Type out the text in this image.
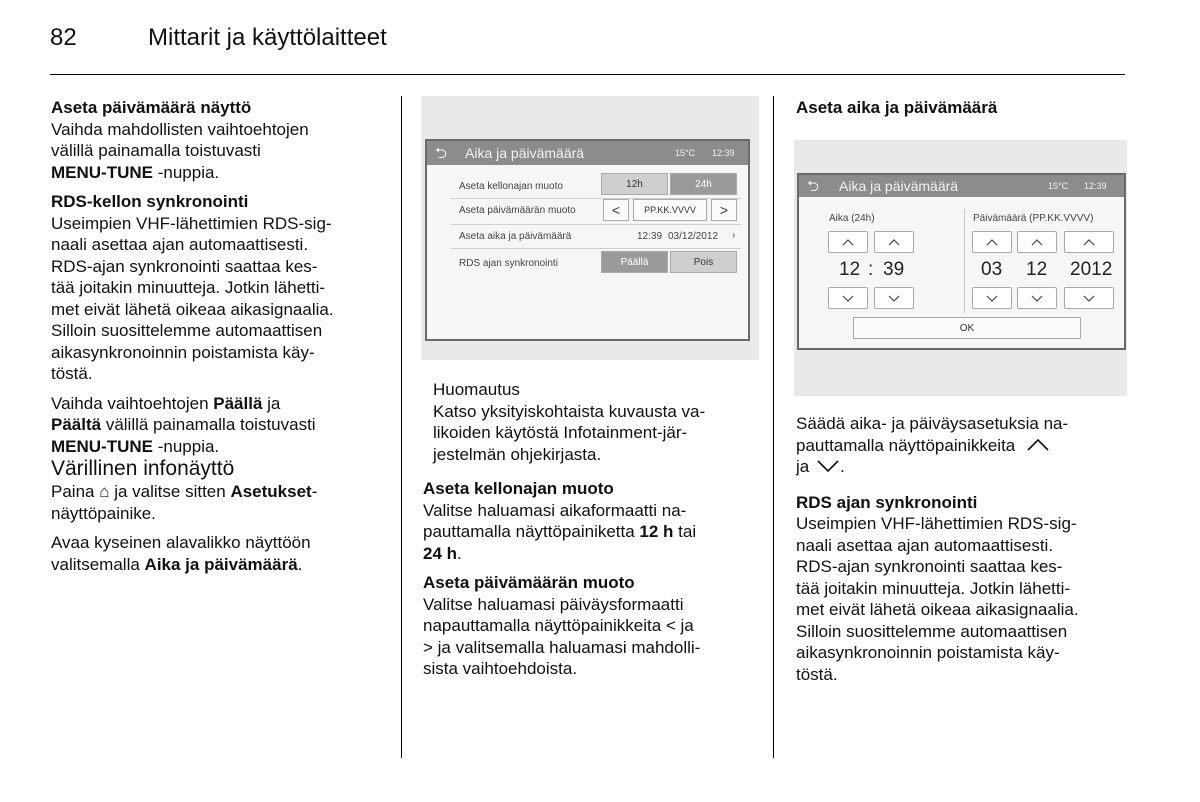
82	Mittarit ja käyttölaitteet

Aseta päivämäärä näyttö

Vaihda mahdollisten vaihtoehtojen

välillä painamalla toistuvasti

MENU-TUNE -nuppia.

RDS-kellon synkronointi

Useimpien VHF-lähettimien RDS-sig-

naali asettaa ajan automaattisesti.

RDS-ajan synkronointi saattaa kes-

tää joitakin minuutteja. Jotkin lähetti-

met eivät lähetä oikeaa aikasignaalia.

Silloin suosittelemme automaattisen

aikasynkronoinnin poistamista käy-

töstä.

Vaihda vaihtoehtojen Päällä ja

Päältä välillä painamalla toistuvasti

MENU-TUNE -nuppia.

Värillinen infonäyttö

Paina ⌂ ja valitse sitten Asetukset-

näyttöpainike.

Avaa kyseinen alavalikko näyttöön

valitsemalla Aika ja päivämäärä.

⮌ Aika ja päivämäärä	15°C 12:39
Aseta kellonajan muoto	12h	24h
Aseta päivämäärän muoto	<	PP.KK.VVVV	>
Aseta aika ja päivämäärä	12:39 03/12/2012 ›
RDS ajan synkronointi	Päällä	Pois

Huomautus

Katso yksityiskohtaista kuvausta va-

likoiden käytöstä Infotainment-jär-

jestelmän ohjekirjasta.

Aseta kellonajan muoto

Valitse haluamasi aikaformaatti na-

pauttamalla näyttöpainiketta 12 h tai

24 h.

Aseta päivämäärän muoto

Valitse haluamasi päiväysformaatti

napauttamalla näyttöpainikkeita < ja

> ja valitsemalla haluamasi mahdolli-

sista vaihtoehdoista.

Aseta aika ja päivämäärä

⮌ Aika ja päivämäärä	15°C 12:39
Aika (24h)	Päivämäärä (PP.KK.VVVV)
12 : 39	03 12 2012
OK

Säädä aika- ja päiväysasetuksia na-

pauttamalla näyttöpainikkeita

ja .

RDS ajan synkronointi

Useimpien VHF-lähettimien RDS-sig-

naali asettaa ajan automaattisesti.

RDS-ajan synkronointi saattaa kes-

tää joitakin minuutteja. Jotkin lähetti-

met eivät lähetä oikeaa aikasignaalia.

Silloin suosittelemme automaattisen

aikasynkronoinnin poistamista käy-

töstä.
